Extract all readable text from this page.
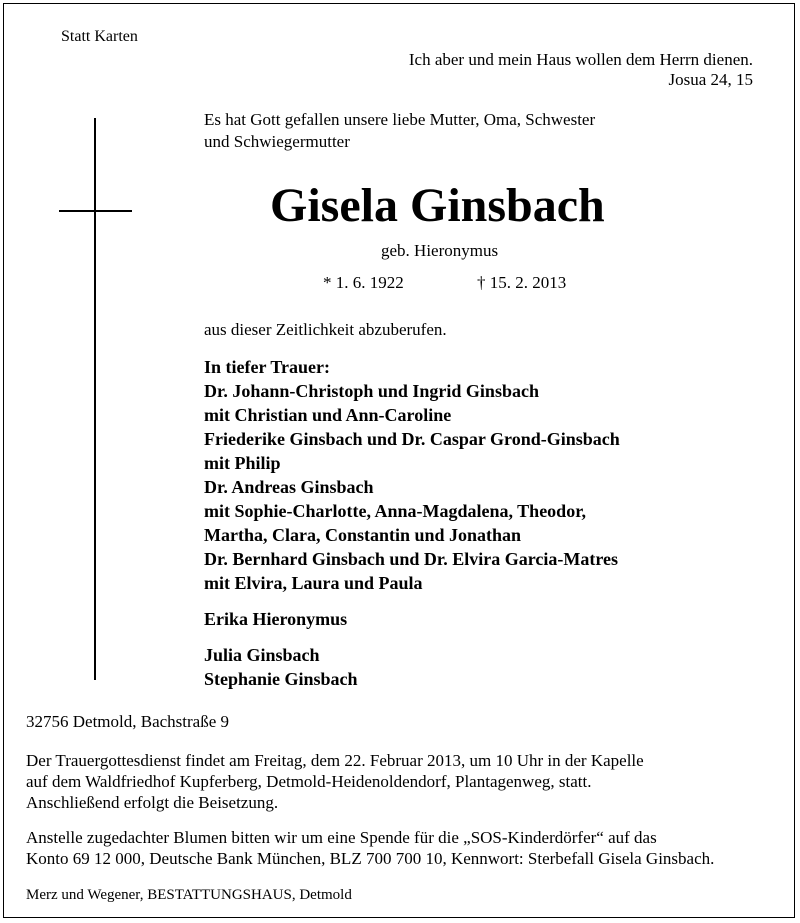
Statt Karten
Ich aber und mein Haus wollen dem Herrn dienen.
Josua 24, 15
Es hat Gott gefallen unsere liebe Mutter, Oma, Schwester
und Schwiegermutter
Gisela Ginsbach
geb. Hieronymus
* 1. 6. 1922	† 15. 2. 2013
aus dieser Zeitlichkeit abzuberufen.
In tiefer Trauer:
Dr. Johann-Christoph und Ingrid Ginsbach
mit Christian und Ann-Caroline
Friederike Ginsbach und Dr. Caspar Grond-Ginsbach
mit Philip
Dr. Andreas Ginsbach
mit Sophie-Charlotte, Anna-Magdalena, Theodor,
Martha, Clara, Constantin und Jonathan
Dr. Bernhard Ginsbach und Dr. Elvira Garcia-Matres
mit Elvira, Laura und Paula
Erika Hieronymus
Julia Ginsbach
Stephanie Ginsbach
32756 Detmold, Bachstraße 9
Der Trauergottesdienst findet am Freitag, dem 22. Februar 2013, um 10 Uhr in der Kapelle
auf dem Waldfriedhof Kupferberg, Detmold-Heidenoldendorf, Plantagenweg, statt.
Anschließend erfolgt die Beisetzung.
Anstelle zugedachter Blumen bitten wir um eine Spende für die „SOS-Kinderdörfer“ auf das
Konto 69 12 000, Deutsche Bank München, BLZ 700 700 10, Kennwort: Sterbefall Gisela Ginsbach.
Merz und Wegener, BESTATTUNGSHAUS, Detmold
